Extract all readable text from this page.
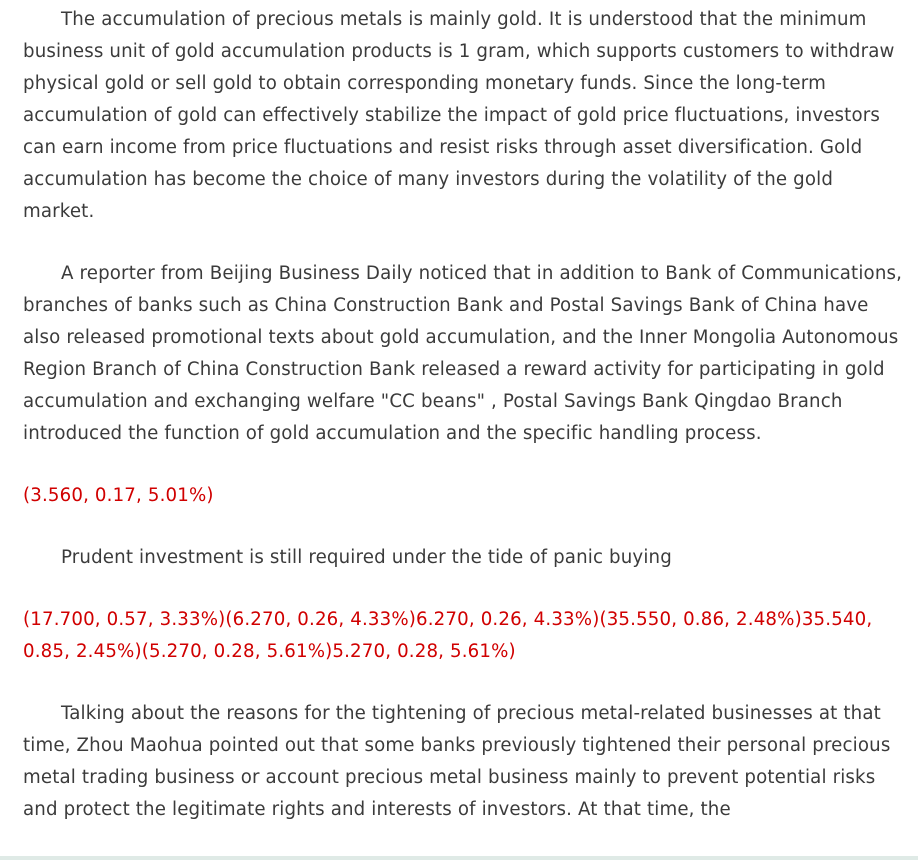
The accumulation of precious metals is mainly gold. It is understood that the minimum business unit of gold accumulation products is 1 gram, which supports customers to withdraw physical gold or sell gold to obtain corresponding monetary funds. Since the long-term accumulation of gold can effectively stabilize the impact of gold price fluctuations, investors can earn income from price fluctuations and resist risks through asset diversification. Gold accumulation has become the choice of many investors during the volatility of the gold market.

A reporter from Beijing Business Daily noticed that in addition to Bank of Communications, branches of banks such as China Construction Bank and Postal Savings Bank of China have also released promotional texts about gold accumulation, and the Inner Mongolia Autonomous Region Branch of China Construction Bank released a reward activity for participating in gold accumulation and exchanging welfare "CC beans" , Postal Savings Bank Qingdao Branch introduced the function of gold accumulation and the specific handling process.

(3.560, 0.17, 5.01%)

Prudent investment is still required under the tide of panic buying

(17.700, 0.57, 3.33%)(6.270, 0.26, 4.33%)6.270, 0.26, 4.33%)(35.550, 0.86, 2.48%)35.540, 0.85, 2.45%)(5.270, 0.28, 5.61%)5.270, 0.28, 5.61%)

Talking about the reasons for the tightening of precious metal-related businesses at that time, Zhou Maohua pointed out that some banks previously tightened their personal precious metal trading business or account precious metal business mainly to prevent potential risks and protect the legitimate rights and interests of investors. At that time, the
